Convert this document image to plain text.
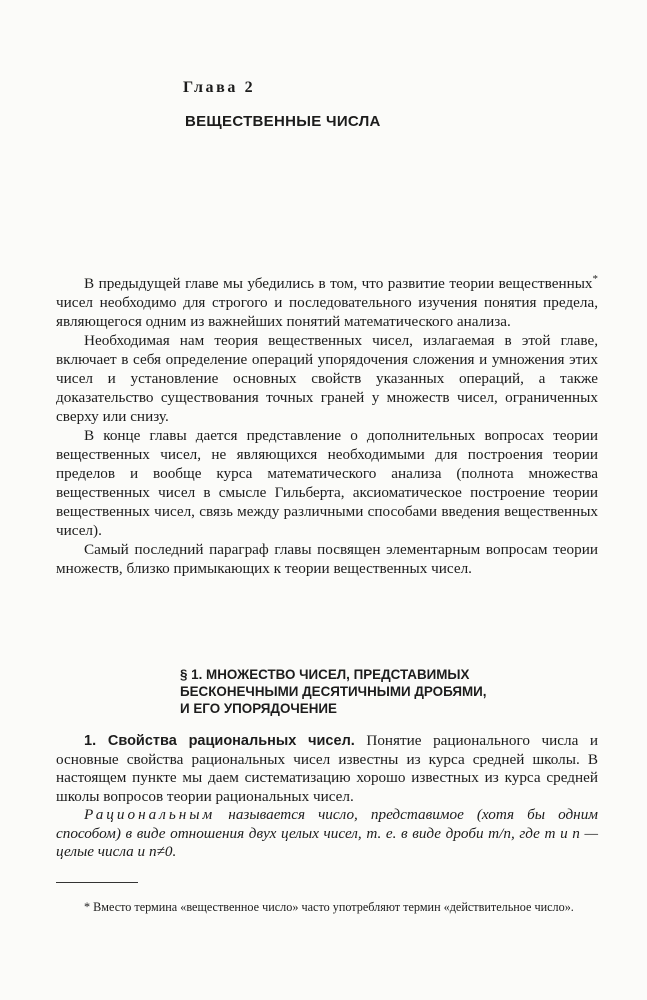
Глава 2
ВЕЩЕСТВЕННЫЕ ЧИСЛА

В предыдущей главе мы убедились в том, что развитие теории вещественных* чисел необходимо для строгого и последовательного изучения понятия предела, являющегося одним из важнейших понятий математического анализа.

Необходимая нам теория вещественных чисел, излагаемая в этой главе, включает в себя определение операций упорядочения сложения и умножения этих чисел и установление основных свойств указанных операций, а также доказательство существования точных граней у множеств чисел, ограниченных сверху или снизу.

В конце главы дается представление о дополнительных вопросах теории вещественных чисел, не являющихся необходимыми для построения теории пределов и вообще курса математического анализа (полнота множества вещественных чисел в смысле Гильберта, аксиоматическое построение теории вещественных чисел, связь между различными способами введения вещественных чисел).

Самый последний параграф главы посвящен элементарным вопросам теории множеств, близко примыкающих к теории вещественных чисел.

§ 1. МНОЖЕСТВО ЧИСЕЛ, ПРЕДСТАВИМЫХ
БЕСКОНЕЧНЫМИ ДЕСЯТИЧНЫМИ ДРОБЯМИ,
И ЕГО УПОРЯДОЧЕНИЕ

1. Свойства рациональных чисел. Понятие рационального числа и основные свойства рациональных чисел известны из курса средней школы. В настоящем пункте мы даем систематизацию хорошо известных из курса средней школы вопросов теории рациональных чисел.

Рациональным называется число, представимое (хотя бы одним способом) в виде отношения двух целых чисел, т. е. в виде дроби m/n, где m и n — целые числа и n≠0.

* Вместо термина «вещественное число» часто употребляют термин «действительное число».
